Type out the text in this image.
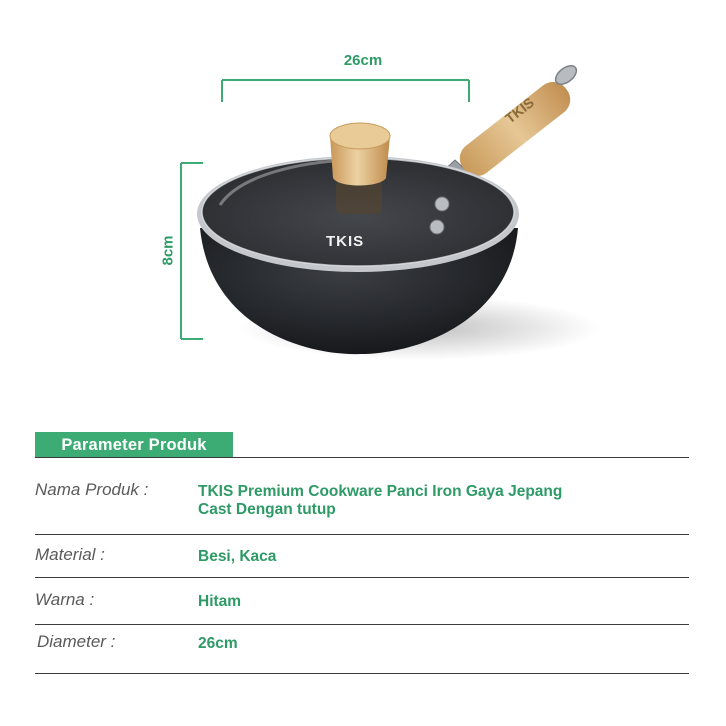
TKIS
TKIS
26cm
8cm
Parameter Produk
Nama Produk :	TKIS Premium Cookware Panci Iron Gaya Jepang
Cast Dengan tutup
Material :	Besi, Kaca
Warna :	Hitam
Diameter :	26cm
